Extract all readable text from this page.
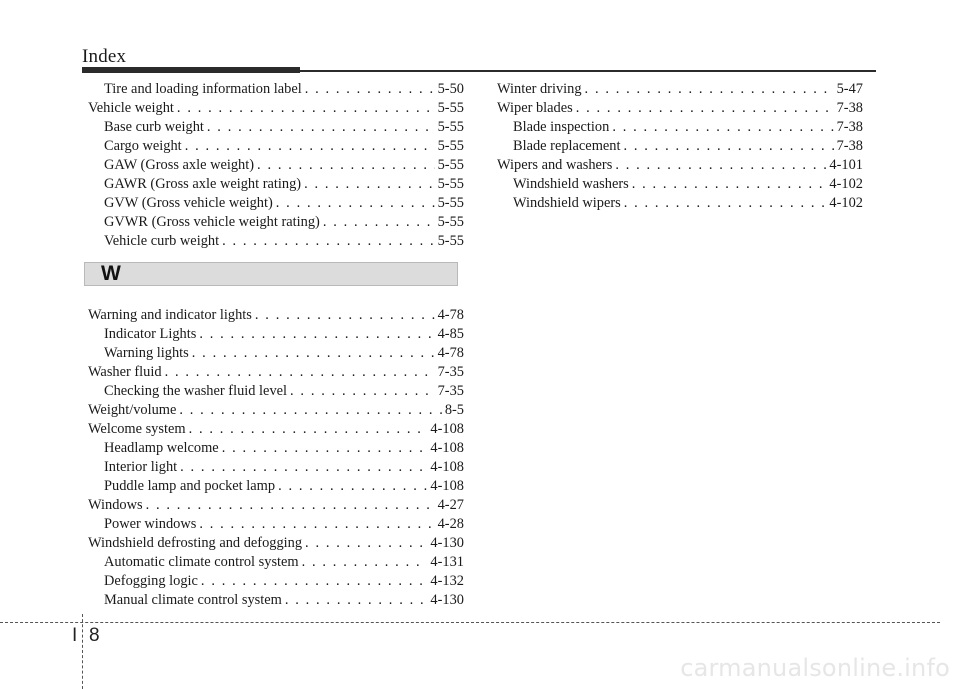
Index
Tire and loading information label . . .	5-50
Vehicle weight . . .	5-55
Base curb weight . . .	5-55
Cargo weight . . .	5-55
GAW (Gross axle weight) . . .	5-55
GAWR (Gross axle weight rating) . . .	5-55
GVW (Gross vehicle weight) . . .	5-55
GVWR (Gross vehicle weight rating) . . .	5-55
Vehicle curb weight . . .	5-55
W
Warning and indicator lights . . .	4-78
Indicator Lights . . .	4-85
Warning lights . . .	4-78
Washer fluid . . .	7-35
Checking the washer fluid level . . .	7-35
Weight/volume . . .	8-5
Welcome system . . .	4-108
Headlamp welcome . . .	4-108
Interior light . . .	4-108
Puddle lamp and pocket lamp . . .	4-108
Windows . . .	4-27
Power windows . . .	4-28
Windshield defrosting and defogging . . .	4-130
Automatic climate control system . . .	4-131
Defogging logic . . .	4-132
Manual climate control system . . .	4-130
Winter driving . . .	5-47
Wiper blades . . .	7-38
Blade inspection . . .	7-38
Blade replacement . . .	7-38
Wipers and washers . . .	4-101
Windshield washers . . .	4-102
Windshield wipers . . .	4-102
I 8
carmanualsonline.info
